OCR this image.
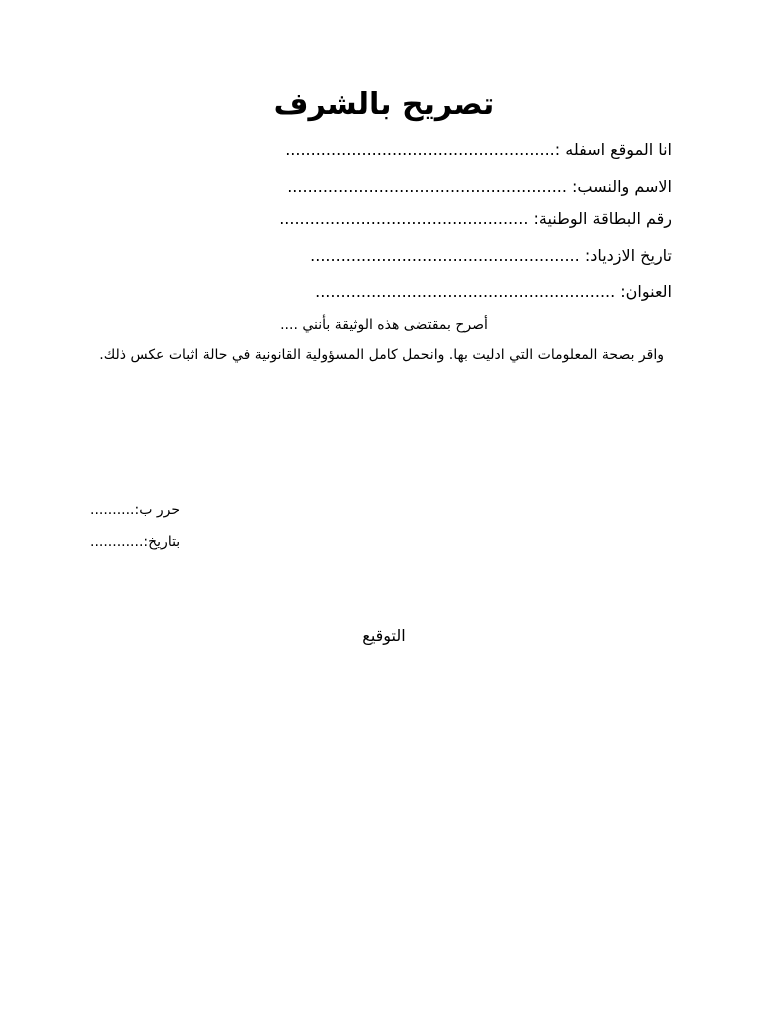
تصريح بالشرف
انا الموقع اسفله :.....................................................
الاسم والنسب: .......................................................
رقم البطاقة الوطنية: .................................................
تاريخ الازدياد: .....................................................
العنوان: ...........................................................
أصرح بمقتضى هذه الوثيقة بأنني ....
واقر بصحة المعلومات التي ادليت بها. وانحمل كامل المسؤولية القانونية في حالة اثبات عكس ذلك.
..........:حرر ب
............:بتاريخ
التوقيع
